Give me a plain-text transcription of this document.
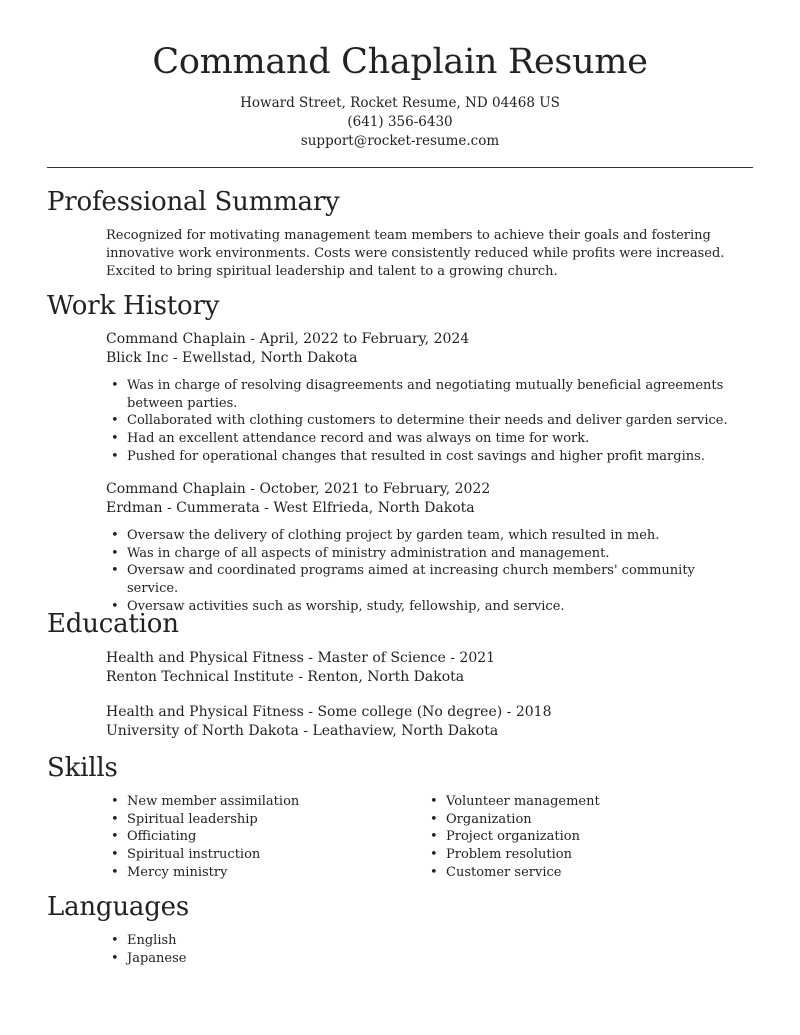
Command Chaplain Resume
Howard Street, Rocket Resume, ND 04468 US
(641) 356-6430
support@rocket-resume.com
Professional Summary
Recognized for motivating management team members to achieve their goals and fostering innovative work environments. Costs were consistently reduced while profits were increased. Excited to bring spiritual leadership and talent to a growing church.
Work History
Command Chaplain - April, 2022 to February, 2024
Blick Inc - Ewellstad, North Dakota
• Was in charge of resolving disagreements and negotiating mutually beneficial agreements between parties.
• Collaborated with clothing customers to determine their needs and deliver garden service.
• Had an excellent attendance record and was always on time for work.
• Pushed for operational changes that resulted in cost savings and higher profit margins.
Command Chaplain - October, 2021 to February, 2022
Erdman - Cummerata - West Elfrieda, North Dakota
• Oversaw the delivery of clothing project by garden team, which resulted in meh.
• Was in charge of all aspects of ministry administration and management.
• Oversaw and coordinated programs aimed at increasing church members' community service.
• Oversaw activities such as worship, study, fellowship, and service.
Education
Health and Physical Fitness - Master of Science - 2021
Renton Technical Institute - Renton, North Dakota
Health and Physical Fitness - Some college (No degree) - 2018
University of North Dakota - Leathaview, North Dakota
Skills
• New member assimilation
• Spiritual leadership
• Officiating
• Spiritual instruction
• Mercy ministry
• Volunteer management
• Organization
• Project organization
• Problem resolution
• Customer service
Languages
• English
• Japanese
